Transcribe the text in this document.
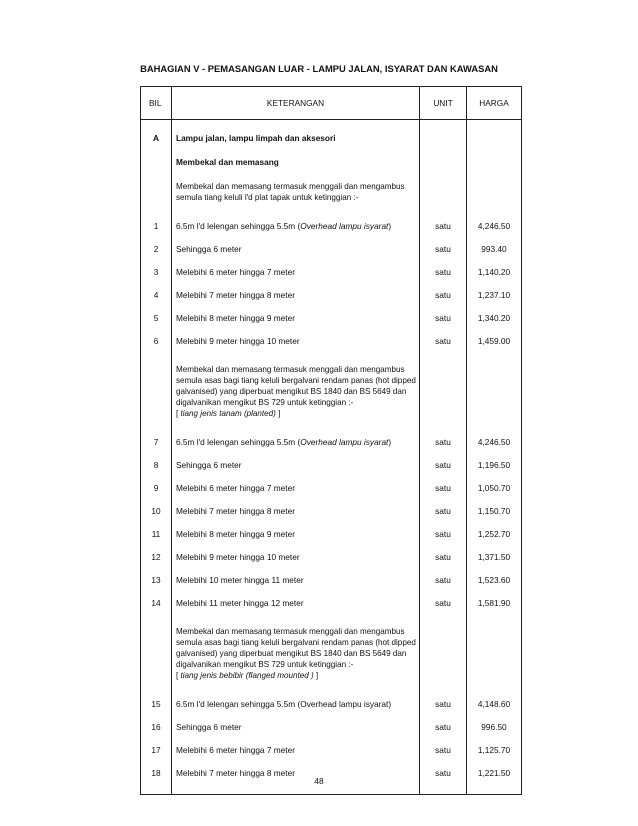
BAHAGIAN V - PEMASANGAN LUAR - LAMPU JALAN, ISYARAT DAN KAWASAN
BIL	KETERANGAN	UNIT	HARGA

A	Lampu jalan, lampu limpah dan aksesori		

	Membekal dan memasang		

	Membekal dan memasang termasuk menggali dan mengambus semula tiang keluli l'd plat tapak untuk ketinggian :-		

1	6.5m l'd lelengan sehingga 5.5m (Overhead lampu isyarat)	satu	4,246.50
2	Sehingga 6 meter	satu	993.40
3	Melebihi 6 meter hingga 7 meter	satu	1,140.20
4	Melebihi 7 meter hingga 8 meter	satu	1,237.10
5	Melebihi 8 meter hingga 9 meter	satu	1,340.20
6	Melebihi 9 meter hingga 10 meter	satu	1,459.00

	Membekal dan memasang termasuk menggali dan mengambus semula asas bagi tiang keluli bergalvani rendam panas (hot dipped galvanised) yang diperbuat mengikut BS 1840 dan BS 5649 dan digalvanikan mengikut BS 729 untuk ketinggian :-
[ tiang jenis tanam (planted) ]		

7	6.5m l'd lelengan sehingga 5.5m (Overhead lampu isyarat)	satu	4,246.50
8	Sehingga 6 meter	satu	1,196.50
9	Melebihi 6 meter hingga 7 meter	satu	1,050.70
10	Melebihi 7 meter hingga 8 meter	satu	1,150.70
11	Melebihi 8 meter hingga 9 meter	satu	1,252.70
12	Melebihi 9 meter hingga 10 meter	satu	1,371.50
13	Melebihi 10 meter hingga 11 meter	satu	1,523.60
14	Melebihi 11 meter hingga 12 meter	satu	1,581.90

	Membekal dan memasang termasuk menggali dan mengambus semula asas bagi tiang keluli bergalvani rendam panas (hot dipped galvanised) yang diperbuat mengikut BS 1840 dan BS 5649 dan digalvanikan mengikut BS 729 untuk ketinggian :-
[ tiang jenis bebibir (flanged mounted ) ]		

15	6.5m l'd lelengan sehingga 5.5m (Overhead lampu isyarat)	satu	4,148.60
16	Sehingga 6 meter	satu	996.50
17	Melebihi 6 meter hingga 7 meter	satu	1,125.70
18	Melebihi 7 meter hingga 8 meter	satu	1,221.50

48
